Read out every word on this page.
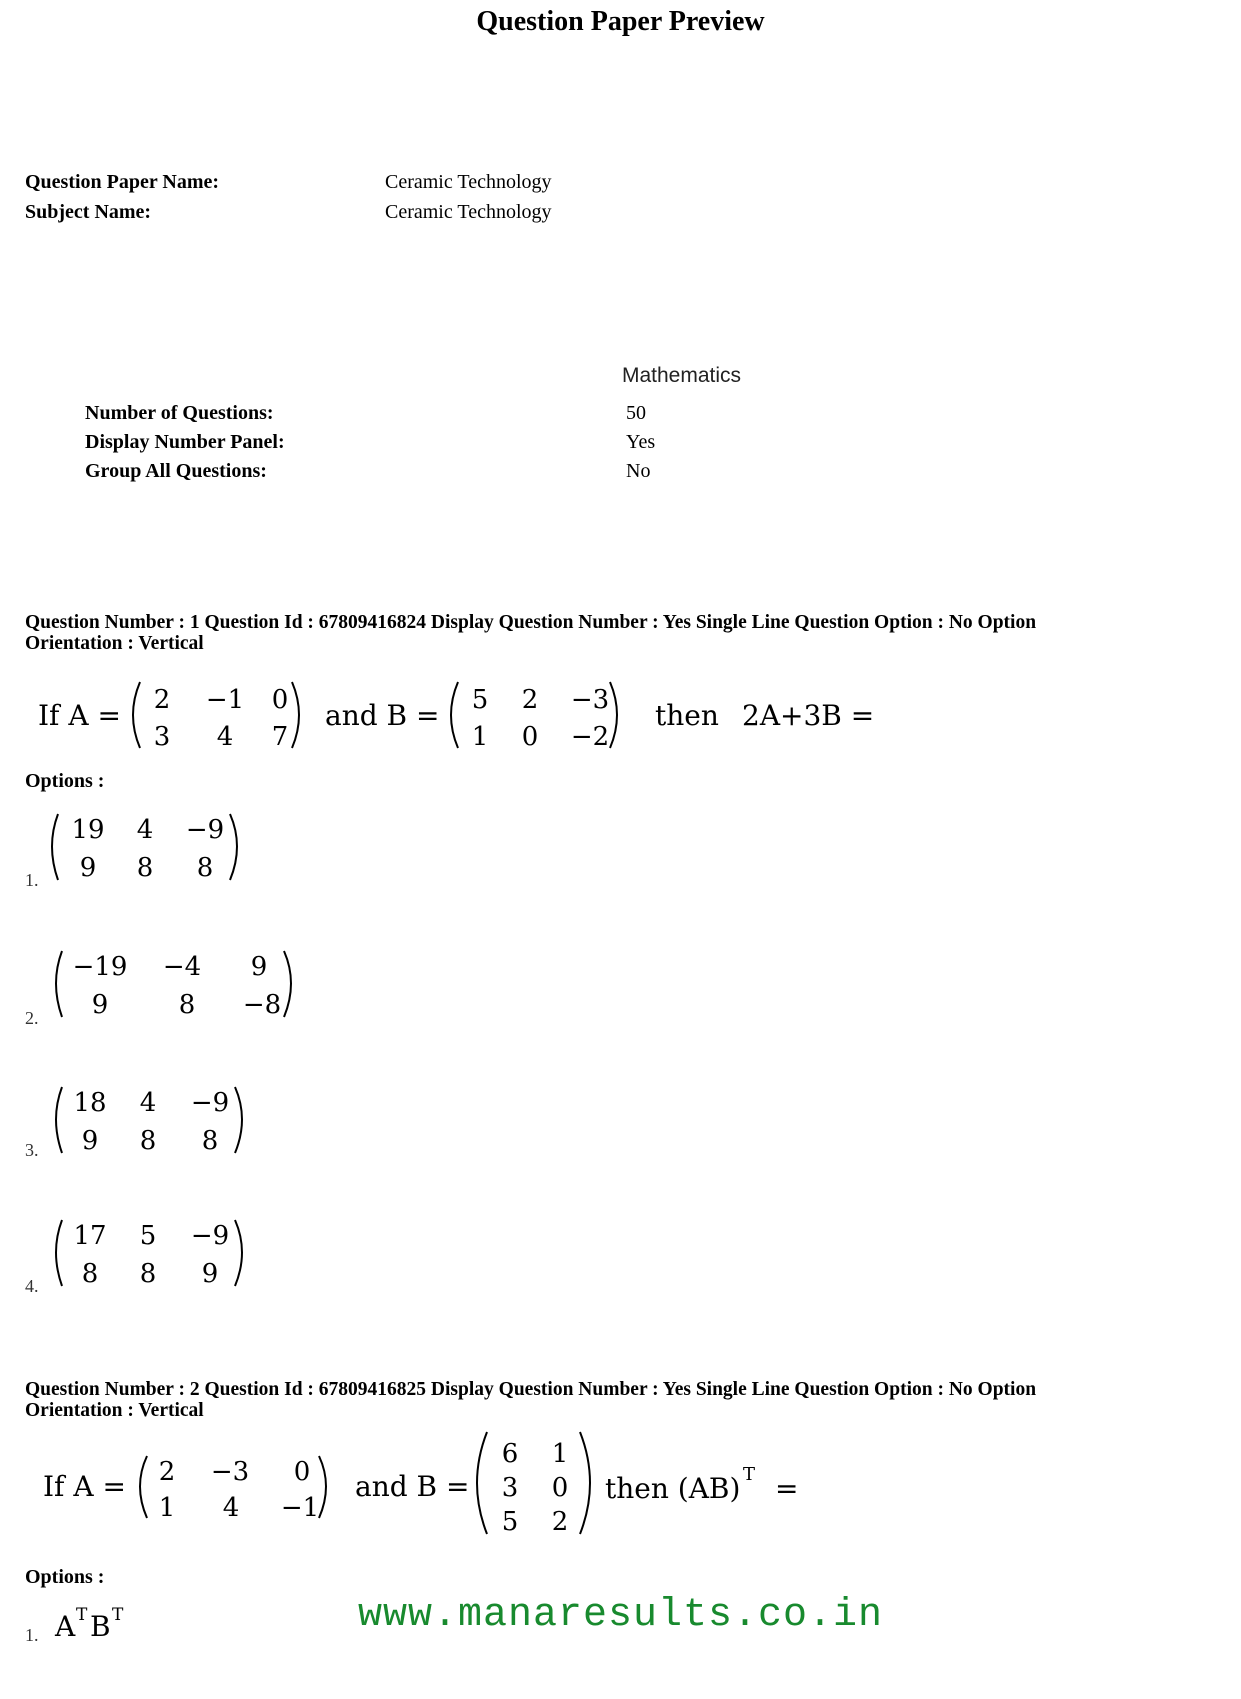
Question Paper Preview
Question Paper Name:	Ceramic Technology
Subject Name:	Ceramic Technology
Mathematics
Number of Questions:	50
Display Number Panel:	Yes
Group All Questions:	No
Question Number : 1 Question Id : 67809416824 Display Question Number : Yes Single Line Question Option : No Option
Orientation : Vertical
If A = 2 −1 0
3 4 7
and B = 5 2 −3
1 0 −2
then 2A+3B =
Options :
1.
19 4 −9
9 8 8
2.
−19 −4 9
9	8 −8
3.
18 4 −9
9 8 8
4.
17 5 −9
8 8 9
Question Number : 2 Question Id : 67809416825 Display Question Number : Yes Single Line Question Option : No Option
Orientation : Vertical
If A = 2 −3 0
1 4 −1
and B =
6 1
3 0
5 2
then (AB) T =
Options :
1. A T B T	www.manaresults.co.in
